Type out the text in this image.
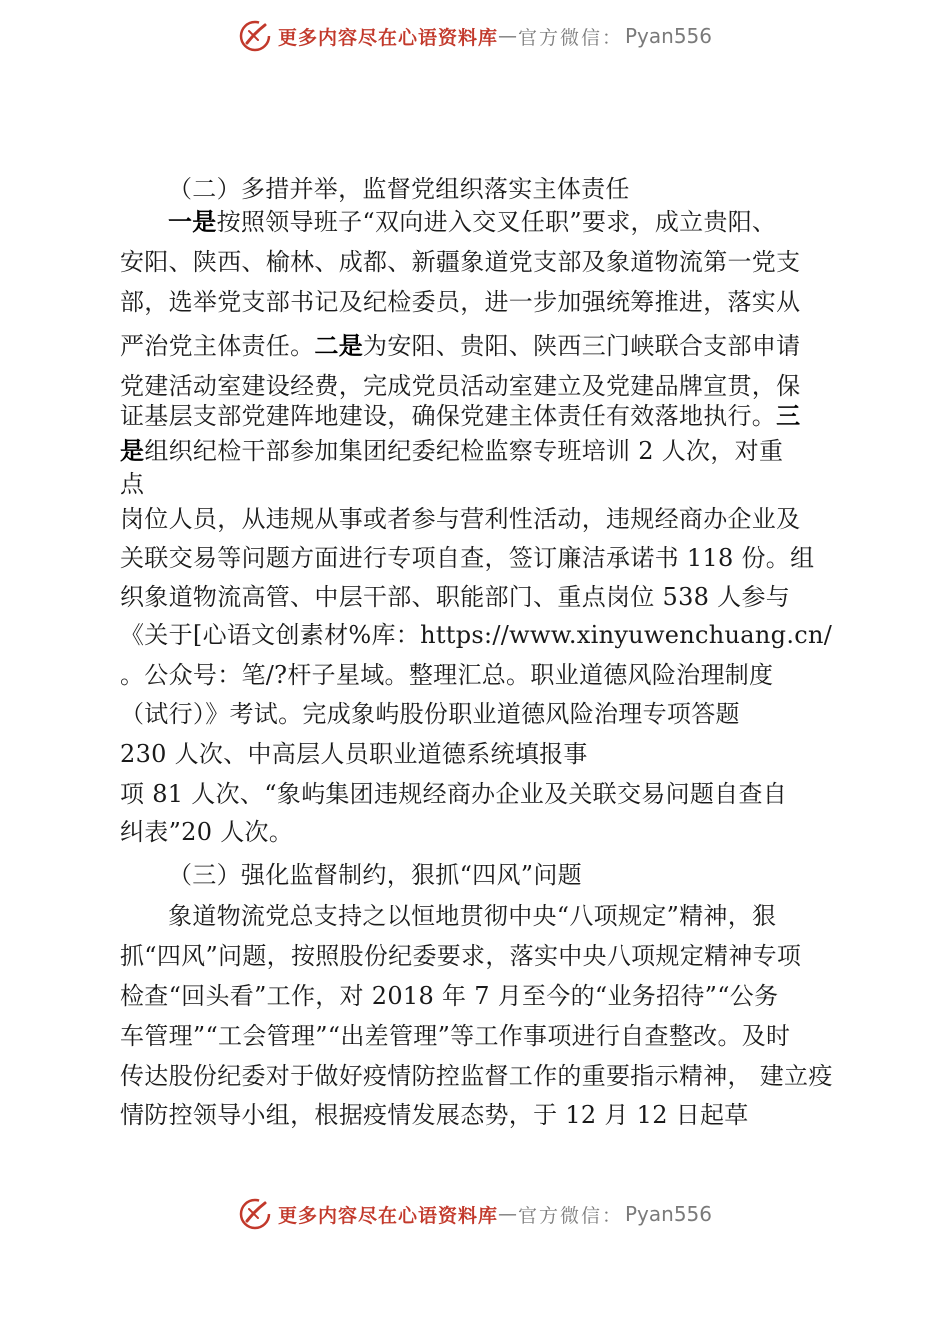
更多内容尽在心语资料库 — 官方微信： Pyan556
（二）多措并举，监督党组织落实主体责任
一是按照领导班子“双向进入交叉任职”要求，成立贵阳、
安阳、陕西、榆林、成都、新疆象道党支部及象道物流第一党支
部，选举党支部书记及纪检委员，进一步加强统筹推进，落实从
严治党主体责任。二是为安阳、贵阳、陕西三门峡联合支部申请
党建活动室建设经费，完成党员活动室建立及党建品牌宣贯，保
证基层支部党建阵地建设，确保党建主体责任有效落地执行。三
是组织纪检干部参加集团纪委纪检监察专班培训 2 人次，对重
点
岗位人员，从违规从事或者参与营利性活动，违规经商办企业及
关联交易等问题方面进行专项自查，签订廉洁承诺书 118 份。组
织象道物流高管、中层干部、职能部门、重点岗位 538 人参与
《关于[心语文创素材%库：https://www.xinyuwenchuang.cn/
。公众号：笔/?杆子星域。整理汇总。职业道德风险治理制度
（试行）》考试。完成象屿股份职业道德风险治理专项答题
230 人次、中高层人员职业道德系统填报事
项 81 人次、“象屿集团违规经商办企业及关联交易问题自查自
纠表”20 人次。
（三）强化监督制约，狠抓“四风”问题
象道物流党总支持之以恒地贯彻中央“八项规定”精神，狠
抓“四风”问题，按照股份纪委要求，落实中央八项规定精神专项
检查“回头看”工作，对 2018 年 7 月至今的“业务招待”“公务
车管理”“工会管理”“出差管理”等工作事项进行自查整改。及时
传达股份纪委对于做好疫情防控监督工作的重要指示精神， 建立疫
情防控领导小组，根据疫情发展态势，于 12 月 12 日起草
更多内容尽在心语资料库 — 官方微信： Pyan556
